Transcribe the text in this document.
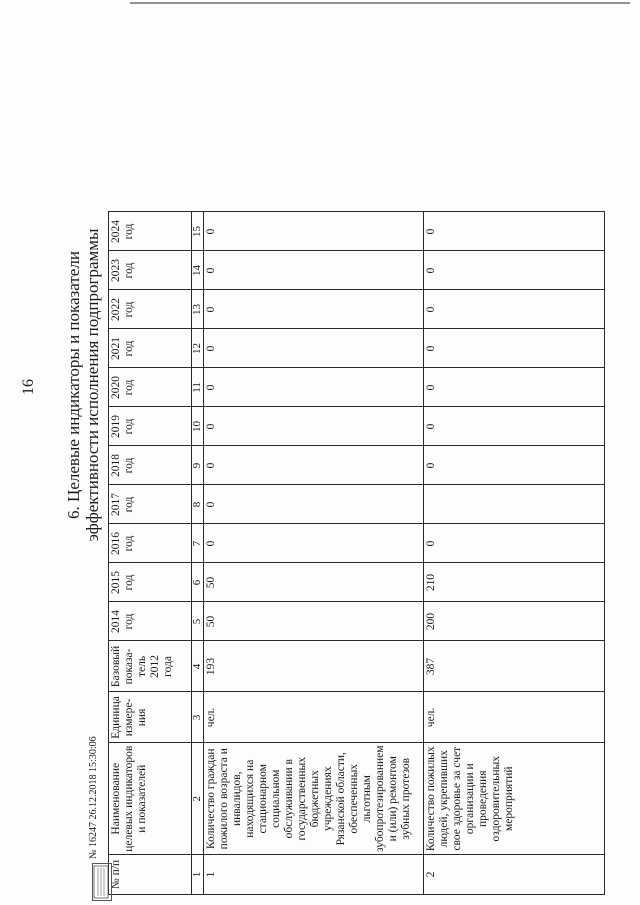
16 6. Целевые индикаторы и показатели эффективности исполнения подпрограммы
№ п/п	Наименование целевых индикаторов и показателей	Единица измере-ния	Базовый показа-тель 2012 года	2014 год	2015 год	2016 год	2017 год	2018 год	2019 год	2020 год	2021 год	2022 год	2023 год	2024 год
1	2	3	4	5	6	7	8	9	10	11	12	13	14	15
1	Количество граждан пожилого возраста и инвалидов, находящихся на стационарном социальном обслуживании в государственных бюджетных учреждениях Рязанской области, обеспеченных льготным зубопротезированием и (или) ремонтом зубных протезов	чел.	193	50	50	0	0	0	0	0	0	0	0	0
2	Количество пожилых людей, укрепивших свое здоровье за счет организации и проведения оздоровительных мероприятий	чел.	387	200	210	0		0	0	0	0	0	0	0
№ 16247 26.12.2018 15:30:06
